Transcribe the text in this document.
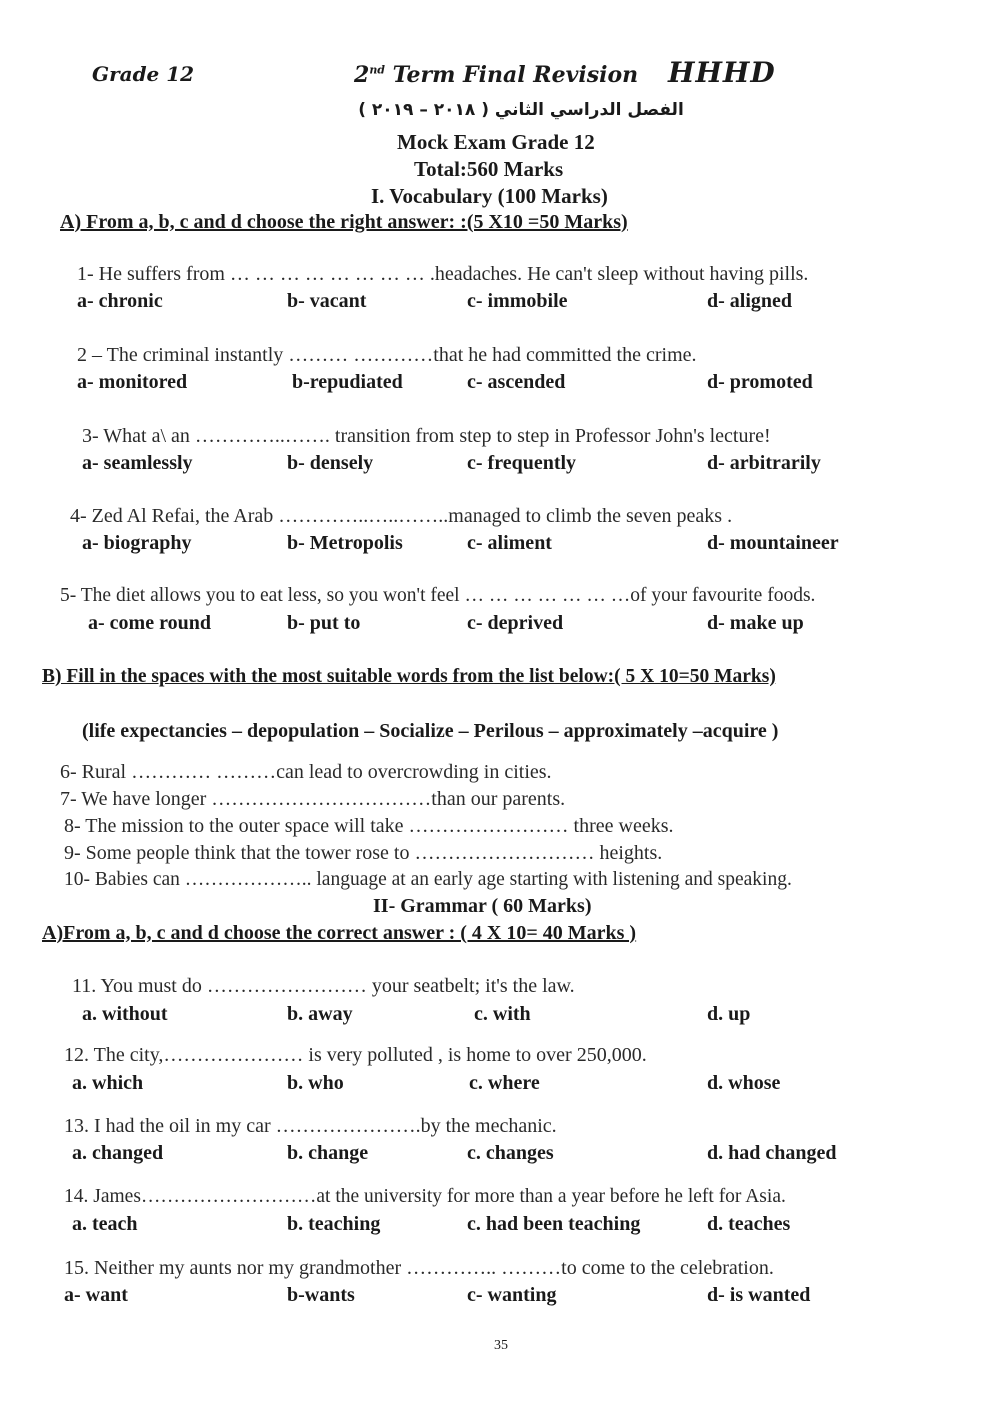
Grade 12	2nd Term Final Revision HHHD
الفصل الدراسي الثاني ( ٢٠١٨ – ٢٠١٩ )
Mock Exam Grade 12
Total:560 Marks
I. Vocabulary (100 Marks)
A) From a, b, c and d choose the right answer: :(5 X10 =50 Marks)
1- He suffers from … … … … … … … … .headaches. He can't sleep without having pills.
a- chronic	b- vacant	c- immobile	d- aligned
2 – The criminal instantly ……… …………that he had committed the crime.
a- monitored	b-repudiated	c- ascended	d- promoted
3- What a\ an …………..……. transition from step to step in Professor John's lecture!
a- seamlessly	b- densely	c- frequently	d- arbitrarily
4- Zed Al Refai, the Arab …………..…..……..managed to climb the seven peaks .
a- biography	b- Metropolis	c- aliment	d- mountaineer
5- The diet allows you to eat less, so you won't feel … … … … … … …of your favourite foods.
a- come round	b- put to	c- deprived	d- make up
B) Fill in the spaces with the most suitable words from the list below:( 5 X 10=50 Marks)
(life expectancies – depopulation – Socialize – Perilous – approximately –acquire )
6- Rural ………… ………can lead to overcrowding in cities.
7- We have longer ……………………………than our parents.
8- The mission to the outer space will take …………………… three weeks.
9- Some people think that the tower rose to ……………………… heights.
10- Babies can ……………….. language at an early age starting with listening and speaking.
II- Grammar ( 60 Marks)
A)From a, b, c and d choose the correct answer : ( 4 X 10= 40 Marks )
11. You must do …………………… your seatbelt; it's the law.
a. without	b. away	c. with	d. up
12. The city,………………… is very polluted , is home to over 250,000.
a. which	b. who	c. where	d. whose
13. I had the oil in my car ………………….by the mechanic.
a. changed	b. change	c. changes	d. had changed
14. James………………………at the university for more than a year before he left for Asia.
a. teach	b. teaching	c. had been teaching	d. teaches
15. Neither my aunts nor my grandmother ………….. ………to come to the celebration.
a- want	b-wants	c- wanting	d- is wanted
35
